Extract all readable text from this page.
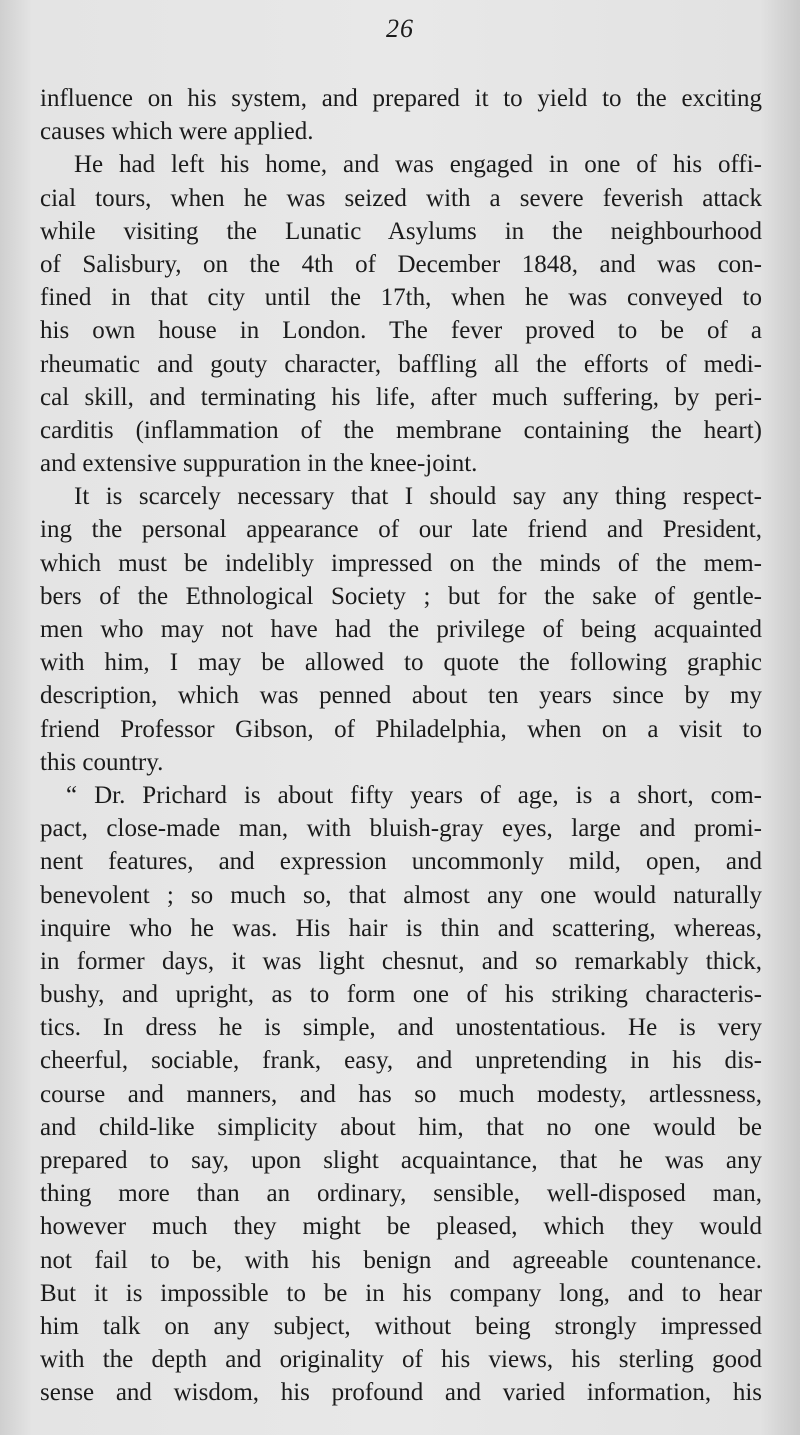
26
influence on his system, and prepared it to yield to the exciting
causes which were applied.
He had left his home, and was engaged in one of his offi-
cial tours, when he was seized with a severe feverish attack
while visiting the Lunatic Asylums in the neighbourhood
of Salisbury, on the 4th of December 1848, and was con-
fined in that city until the 17th, when he was conveyed to
his own house in London. The fever proved to be of a
rheumatic and gouty character, baffling all the efforts of medi-
cal skill, and terminating his life, after much suffering, by peri-
carditis (inflammation of the membrane containing the heart)
and extensive suppuration in the knee-joint.
It is scarcely necessary that I should say any thing respect-
ing the personal appearance of our late friend and President,
which must be indelibly impressed on the minds of the mem-
bers of the Ethnological Society ; but for the sake of gentle-
men who may not have had the privilege of being acquainted
with him, I may be allowed to quote the following graphic
description, which was penned about ten years since by my
friend Professor Gibson, of Philadelphia, when on a visit to
this country.
“ Dr. Prichard is about fifty years of age, is a short, com-
pact, close-made man, with bluish-gray eyes, large and promi-
nent features, and expression uncommonly mild, open, and
benevolent ; so much so, that almost any one would naturally
inquire who he was. His hair is thin and scattering, whereas,
in former days, it was light chesnut, and so remarkably thick,
bushy, and upright, as to form one of his striking characteris-
tics. In dress he is simple, and unostentatious. He is very
cheerful, sociable, frank, easy, and unpretending in his dis-
course and manners, and has so much modesty, artlessness,
and child-like simplicity about him, that no one would be
prepared to say, upon slight acquaintance, that he was any
thing more than an ordinary, sensible, well-disposed man,
however much they might be pleased, which they would
not fail to be, with his benign and agreeable countenance.
But it is impossible to be in his company long, and to hear
him talk on any subject, without being strongly impressed
with the depth and originality of his views, his sterling good
sense and wisdom, his profound and varied information, his
